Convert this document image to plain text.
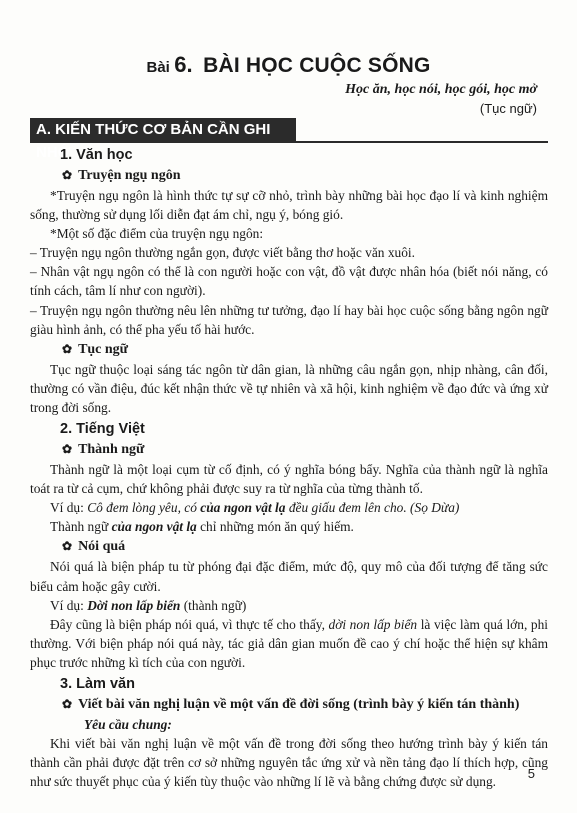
Bài 6. BÀI HỌC CUỘC SỐNG
Học ăn, học nói, học gói, học mở
(Tục ngữ)
A. KIẾN THỨC CƠ BẢN CẦN GHI NHỚ
1. Văn học
✿ Truyện ngụ ngôn

*Truyện ngụ ngôn là hình thức tự sự cỡ nhỏ, trình bày những bài học đạo lí và kinh nghiệm sống, thường sử dụng lối diễn đạt ám chỉ, ngụ ý, bóng gió.

*Một số đặc điểm của truyện ngụ ngôn:

– Truyện ngụ ngôn thường ngắn gọn, được viết bằng thơ hoặc văn xuôi.

– Nhân vật ngụ ngôn có thể là con người hoặc con vật, đồ vật được nhân hóa (biết nói năng, có tính cách, tâm lí như con người).

– Truyện ngụ ngôn thường nêu lên những tư tưởng, đạo lí hay bài học cuộc sống bằng ngôn ngữ giàu hình ảnh, có thể pha yếu tố hài hước.

✿ Tục ngữ

Tục ngữ thuộc loại sáng tác ngôn từ dân gian, là những câu ngắn gọn, nhịp nhàng, cân đối, thường có vần điệu, đúc kết nhận thức về tự nhiên và xã hội, kinh nghiệm về đạo đức và ứng xử trong đời sống.

2. Tiếng Việt
✿ Thành ngữ

Thành ngữ là một loại cụm từ cố định, có ý nghĩa bóng bẩy. Nghĩa của thành ngữ là nghĩa toát ra từ cả cụm, chứ không phải được suy ra từ nghĩa của từng thành tố.

Ví dụ: Cô đem lòng yêu, có của ngon vật lạ đều giấu đem lên cho. (Sọ Dừa)

Thành ngữ của ngon vật lạ chỉ những món ăn quý hiếm.

✿ Nói quá

Nói quá là biện pháp tu từ phóng đại đặc điểm, mức độ, quy mô của đối tượng để tăng sức biểu cảm hoặc gây cười.

Ví dụ: Dời non lấp biển (thành ngữ)

Đây cũng là biện pháp nói quá, vì thực tế cho thấy, dời non lấp biển là việc làm quá lớn, phi thường. Với biện pháp nói quá này, tác giả dân gian muốn đề cao ý chí hoặc thể hiện sự khâm phục trước những kì tích của con người.

3. Làm văn
✿ Viết bài văn nghị luận về một vấn đề đời sống (trình bày ý kiến tán thành)
Yêu cầu chung:

Khi viết bài văn nghị luận về một vấn đề trong đời sống theo hướng trình bày ý kiến tán thành cần phải được đặt trên cơ sở những nguyên tắc ứng xử và nền tảng đạo lí thích hợp, cũng như sức thuyết phục của ý kiến tùy thuộc vào những lí lẽ và bằng chứng được sử dụng.

5
